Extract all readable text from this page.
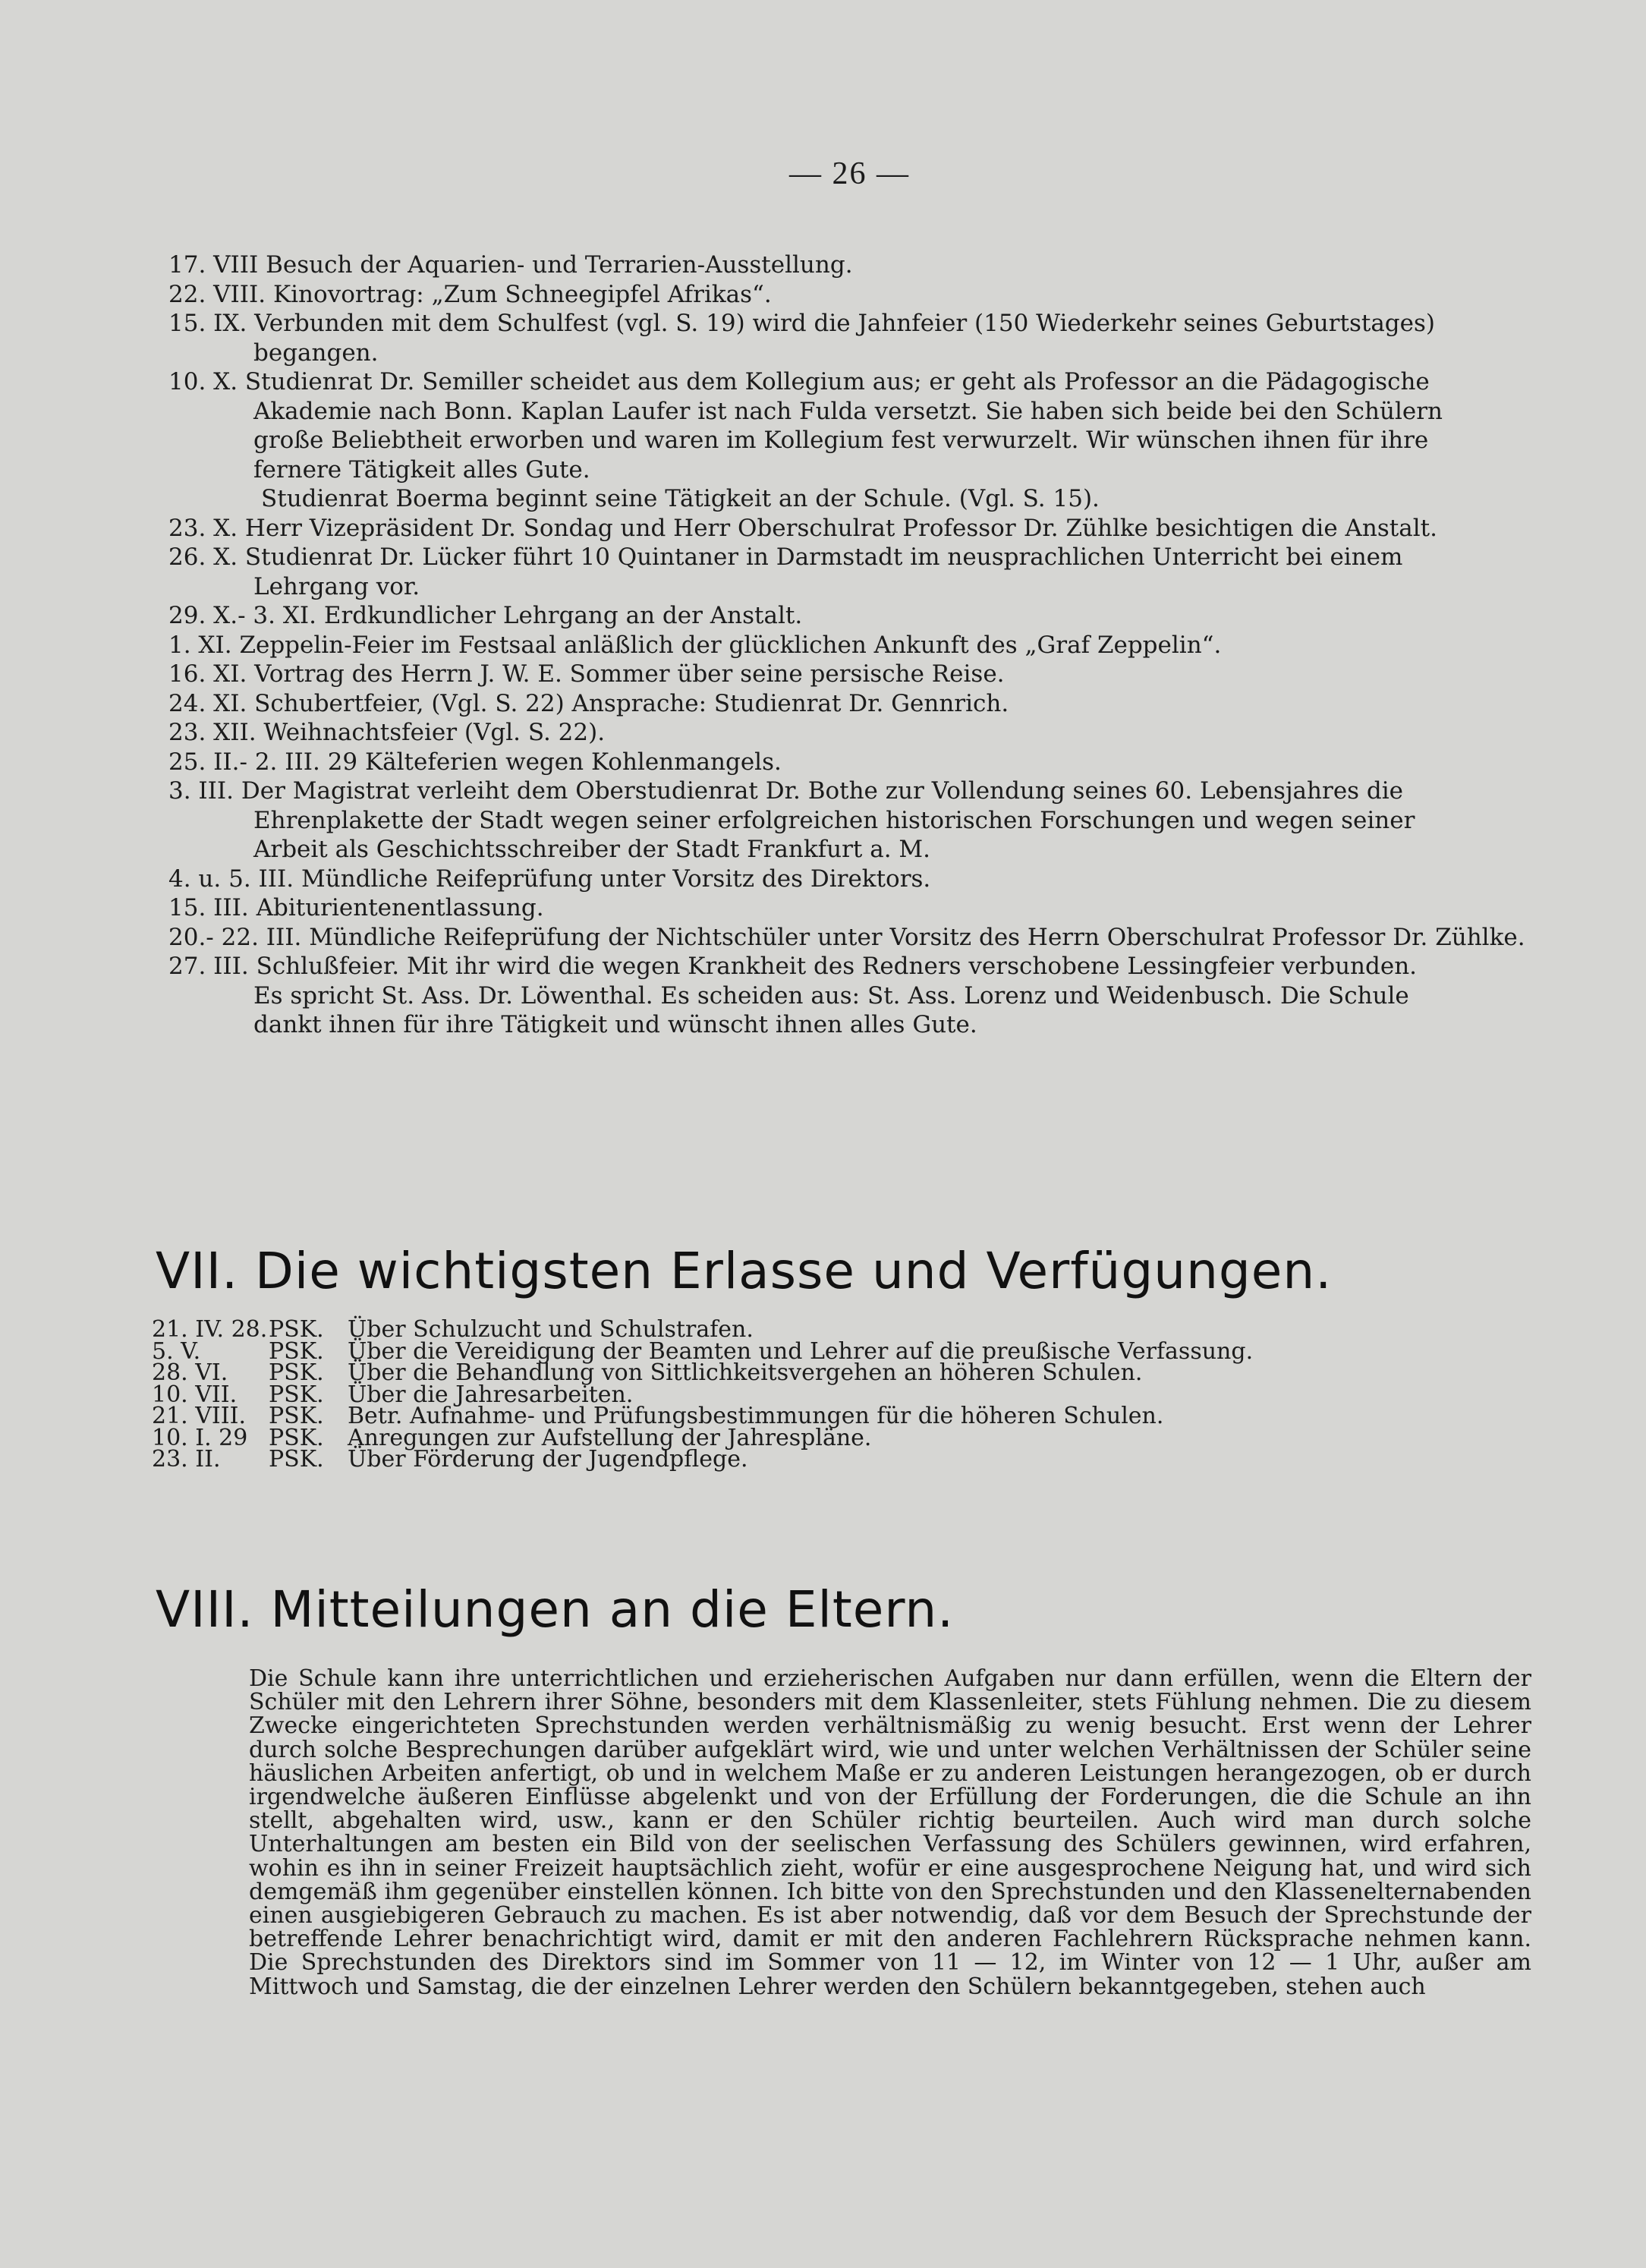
— 26 —
17. VIII Besuch der Aquarien- und Terrarien-Ausstellung.
22. VIII. Kinovortrag: „Zum Schneegipfel Afrikas“.
15. IX. Verbunden mit dem Schulfest (vgl. S. 19) wird die Jahnfeier (150 Wiederkehr seines Geburtstages)
begangen.
10. X. Studienrat Dr. Semiller scheidet aus dem Kollegium aus; er geht als Professor an die Pädagogische
Akademie nach Bonn. Kaplan Laufer ist nach Fulda versetzt. Sie haben sich beide bei den Schülern
große Beliebtheit erworben und waren im Kollegium fest verwurzelt. Wir wünschen ihnen für ihre
fernere Tätigkeit alles Gute.
Studienrat Boerma beginnt seine Tätigkeit an der Schule. (Vgl. S. 15).
23. X. Herr Vizepräsident Dr. Sondag und Herr Oberschulrat Professor Dr. Zühlke besichtigen die Anstalt.
26. X. Studienrat Dr. Lücker führt 10 Quintaner in Darmstadt im neusprachlichen Unterricht bei einem
Lehrgang vor.
29. X.- 3. XI. Erdkundlicher Lehrgang an der Anstalt.
1. XI. Zeppelin-Feier im Festsaal anläßlich der glücklichen Ankunft des „Graf Zeppelin“.
16. XI. Vortrag des Herrn J. W. E. Sommer über seine persische Reise.
24. XI. Schubertfeier, (Vgl. S. 22) Ansprache: Studienrat Dr. Gennrich.
23. XII. Weihnachtsfeier (Vgl. S. 22).
25. II.- 2. III. 29 Kälteferien wegen Kohlenmangels.
3. III. Der Magistrat verleiht dem Oberstudienrat Dr. Bothe zur Vollendung seines 60. Lebensjahres die
Ehrenplakette der Stadt wegen seiner erfolgreichen historischen Forschungen und wegen seiner
Arbeit als Geschichtsschreiber der Stadt Frankfurt a. M.
4. u. 5. III. Mündliche Reifeprüfung unter Vorsitz des Direktors.
15. III. Abiturientenentlassung.
20.- 22. III. Mündliche Reifeprüfung der Nichtschüler unter Vorsitz des Herrn Oberschulrat Professor Dr. Zühlke.
27. III. Schlußfeier. Mit ihr wird die wegen Krankheit des Redners verschobene Lessingfeier verbunden.
Es spricht St. Ass. Dr. Löwenthal. Es scheiden aus: St. Ass. Lorenz und Weidenbusch. Die Schule
dankt ihnen für ihre Tätigkeit und wünscht ihnen alles Gute.
VII. Die wichtigsten Erlasse und Verfügungen.
21. IV. 28. PSK.	Über Schulzucht und Schulstrafen.
5. V.	PSK.	Über die Vereidigung der Beamten und Lehrer auf die preußische Verfassung.
28. VI.	PSK.	Über die Behandlung von Sittlichkeitsvergehen an höheren Schulen.
10. VII.	PSK.	Über die Jahresarbeiten.
21. VIII.	PSK.	Betr. Aufnahme- und Prüfungsbestimmungen für die höheren Schulen.
10. I. 29 PSK.	Anregungen zur Aufstellung der Jahrespläne.
23. II.	PSK.	Über Förderung der Jugendpflege.
VIII. Mitteilungen an die Eltern.

Die Schule kann ihre unterrichtlichen und erzieherischen Aufgaben nur dann erfüllen, wenn die Eltern der Schüler mit den Lehrern ihrer Söhne, besonders mit dem Klassenleiter, stets Fühlung nehmen. Die zu diesem Zwecke eingerichteten Sprechstunden werden verhältnismäßig zu wenig besucht. Erst wenn der Lehrer durch solche Besprechungen darüber aufgeklärt wird, wie und unter welchen Verhältnissen der Schüler seine häuslichen Arbeiten anfertigt, ob und in welchem Maße er zu anderen Leistungen herangezogen, ob er durch irgendwelche äußeren Einflüsse abgelenkt und von der Erfüllung der Forderungen, die die Schule an ihn stellt, abgehalten wird, usw., kann er den Schüler richtig beurteilen. Auch wird man durch solche Unterhaltungen am besten ein Bild von der seelischen Verfassung des Schülers gewinnen, wird erfahren, wohin es ihn in seiner Freizeit hauptsächlich zieht, wofür er eine ausgesprochene Neigung hat, und wird sich demgemäß ihm gegenüber einstellen können. Ich bitte von den Sprechstunden und den Klassenelternabenden einen ausgiebigeren Gebrauch zu machen. Es ist aber notwendig, daß vor dem Besuch der Sprechstunde der betreffende Lehrer benachrichtigt wird, damit er mit den anderen Fachlehrern Rücksprache nehmen kann. Die Sprechstunden des Direktors sind im Sommer von 11 — 12, im Winter von 12 — 1 Uhr, außer am Mittwoch und Samstag, die der einzelnen Lehrer werden den Schülern bekanntgegeben, stehen auch
